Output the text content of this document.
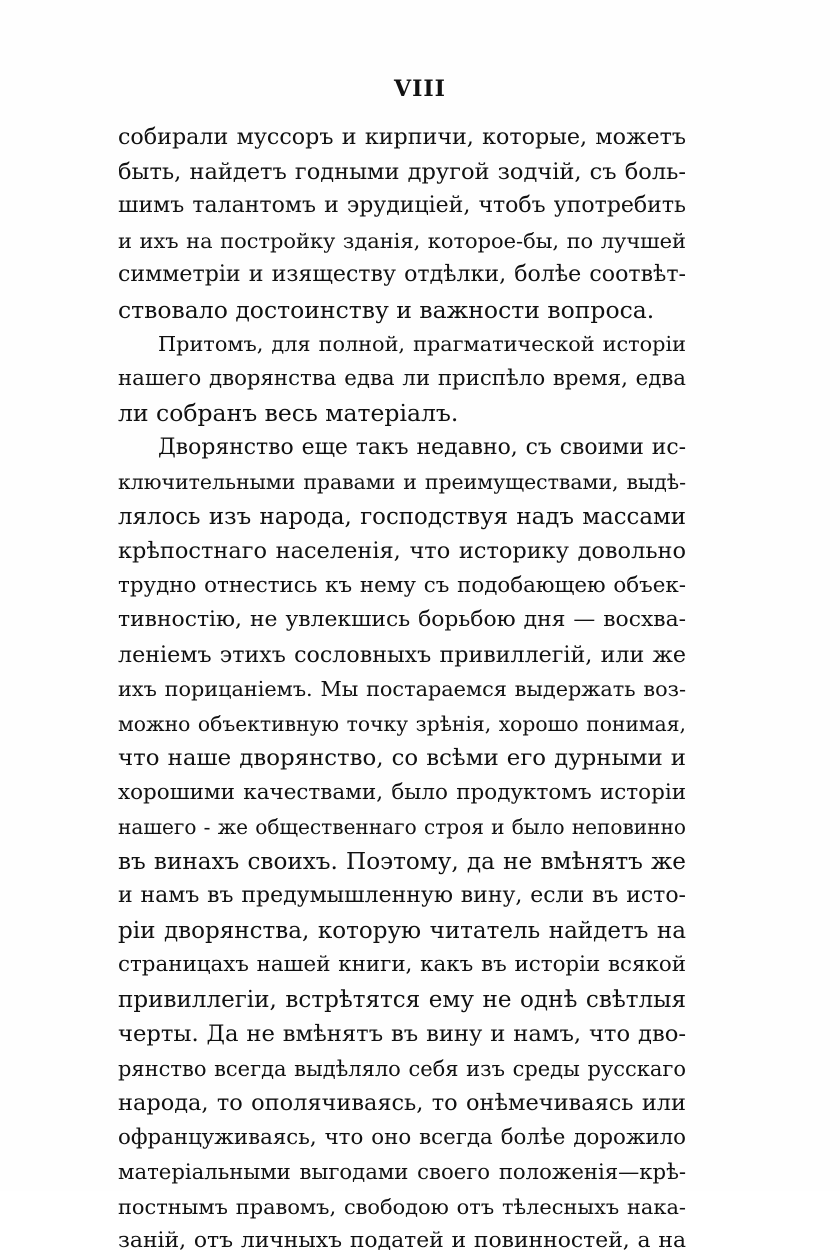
VIII
собирали муссоръ и кирпичи, которые, можетъ
быть, найдетъ годными другой зодчій, съ боль-
шимъ талантомъ и эрудиціей, чтобъ употребить
и ихъ на постройку зданія, которое-бы, по лучшей
симметріи и изяществу отдѣлки, болѣе соотвѣт-
ствовало достоинству и важности вопроса.
Притомъ, для полной, прагматической исторіи
нашего дворянства едва ли приспѣло время, едва
ли собранъ весь матеріалъ.
Дворянство еще такъ недавно, съ своими ис-
ключительными правами и преимуществами, выдѣ-
лялось изъ народа, господствуя надъ массами
крѣпостнаго населенія, что историку довольно
трудно отнестись къ нему съ подобающею объек-
тивностію, не увлекшись борьбою дня — восхва-
леніемъ этихъ сословныхъ привиллегій, или же
ихъ порицаніемъ. Мы постараемся выдержать воз-
можно объективную точку зрѣнія, хорошо понимая,
что наше дворянство, со всѣми его дурными и
хорошими качествами, было продуктомъ исторіи
нашего - же общественнаго строя и было неповинно
въ винахъ своихъ. Поэтому, да не вмѣнятъ же
и намъ въ предумышленную вину, если въ исто-
ріи дворянства, которую читатель найдетъ на
страницахъ нашей книги, какъ въ исторіи всякой
привиллегіи, встрѣтятся ему не однѣ свѣтлыя
черты. Да не вмѣнятъ въ вину и намъ, что дво-
рянство всегда выдѣляло себя изъ среды русскаго
народа, то ополячиваясь, то онѣмечиваясь или
офранцуживаясь, что оно всегда болѣе дорожило
матеріальными выгодами своего положенія—крѣ-
постнымъ правомъ, свободою отъ тѣлесныхъ нака-
заній, отъ личныхъ податей и повинностей, а на
